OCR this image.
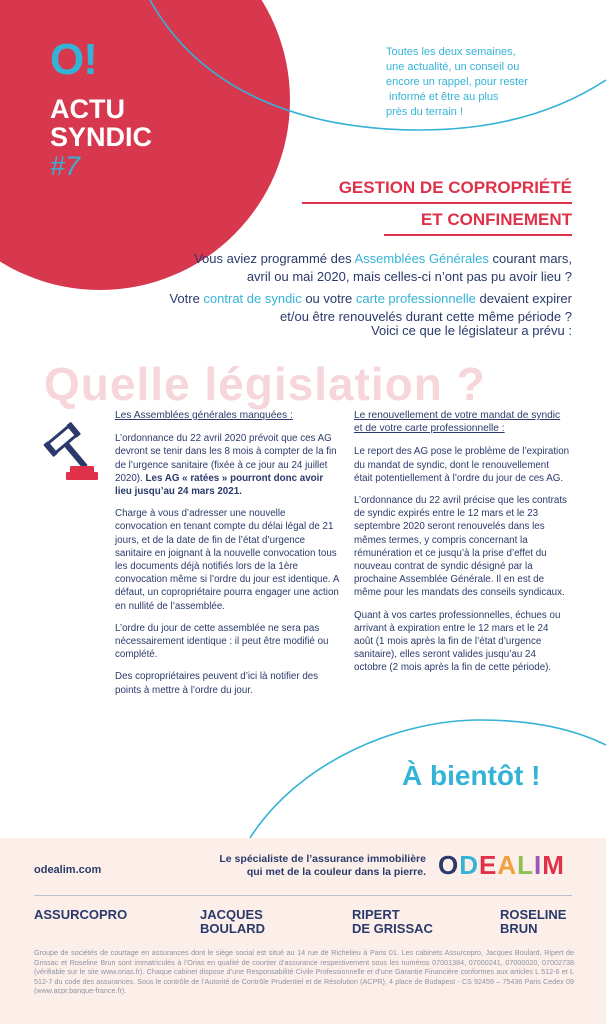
O!
ACTU
SYNDIC
#7
Toutes les deux semaines,
une actualité, un conseil ou
encore un rappel, pour rester
informé et être au plus
près du terrain !
GESTION DE COPROPRIÉTÉ
ET CONFINEMENT
Vous aviez programmé des Assemblées Générales courant mars,
avril ou mai 2020, mais celles-ci n’ont pas pu avoir lieu ?
Votre contrat de syndic ou votre carte professionnelle devaient expirer
et/ou être renouvelés durant cette même période ?
Voici ce que le législateur a prévu :
Quelle législation ?
Les Assemblées générales manquées :

L’ordonnance du 22 avril 2020 prévoit que ces AG devront se tenir dans les 8 mois à compter de la fin de l’urgence sanitaire (fixée à ce jour au 24 juillet 2020). Les AG « ratées » pourront donc avoir lieu jusqu’au 24 mars 2021.

Charge à vous d’adresser une nouvelle convocation en tenant compte du délai légal de 21 jours, et de la date de fin de l’état d’urgence sanitaire en joignant à la nouvelle convocation tous les documents déjà notifiés lors de la 1ère convocation même si l’ordre du jour est identique. A défaut, un copropriétaire pourra engager une action en nullité de l’assemblée.

L’ordre du jour de cette assemblée ne sera pas nécessairement identique : il peut être modifié ou complété.

Des copropriétaires peuvent d’ici là notifier des points à mettre à l’ordre du jour.

Le renouvellement de votre mandat de syndic et de votre carte professionnelle :

Le report des AG pose le problème de l’expiration du mandat de syndic, dont le renouvellement était potentiellement à l’ordre du jour de ces AG.

L’ordonnance du 22 avril précise que les contrats de syndic expirés entre le 12 mars et le 23 septembre 2020 seront renouvelés dans les mêmes termes, y compris concernant la rémunération et ce jusqu’à la prise d’effet du nouveau contrat de syndic désigné par la prochaine Assemblée Générale. Il en est de même pour les mandats des conseils syndicaux.

Quant à vos cartes professionnelles, échues ou arrivant à expiration entre le 12 mars et le 24 août (1 mois après la fin de l’état d’urgence sanitaire), elles seront valides jusqu’au 24 octobre (2 mois après la fin de cette période).

À bientôt !
odealim.com
Le spécialiste de l’assurance immobilière
qui met de la couleur dans la pierre. ODEALIM
ASSURCOPRO	JACQUES
BOULARD
RIPERT
DE GRISSAC
ROSELINE
BRUN
Groupe de sociétés de courtage en assurances dont le siège social est situé au 14 rue de Richelieu à Paris 01. Les cabinets Assurcopro, Jacques Boulard, Ripert de Grissac et Roseline Brun sont immatriculés à l’Orias en qualité de courtier d’assurance respectivement sous les numéros 07001384, 07000241, 07000020, 07002738 (vérifiable sur le site www.orias.fr). Chaque cabinet dispose d’une Responsabilité Civile Professionnelle et d’une Garantie Financière conformes aux articles L 512-6 et L 512-7 du code des assurances. Sous le contrôle de l’Autorité de Contrôle Prudentiel et de Résolution (ACPR), 4 place de Budapest - CS 92459 – 75436 Paris Cedex 09 (www.acpr.banque-france.fr).
